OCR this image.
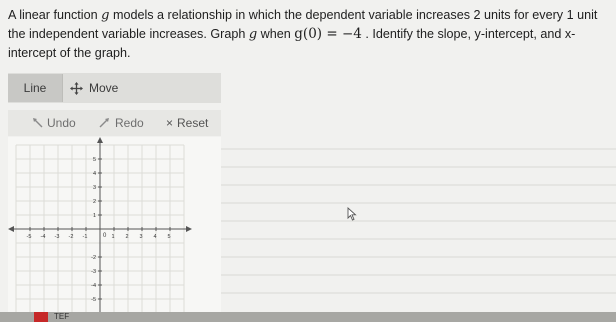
A linear function g models a relationship in which the dependent variable increases 2 units for every 1 unit the independent variable increases. Graph g when g(0) = −4 . Identify the slope, y-intercept, and x-intercept of the graph.
Line	Move
Undo	Redo × Reset
-5 -4 -3 -2 -1	1 2 3 4 5
5
4
3
2
1
-2
-3
-4
-5
0
TEF
